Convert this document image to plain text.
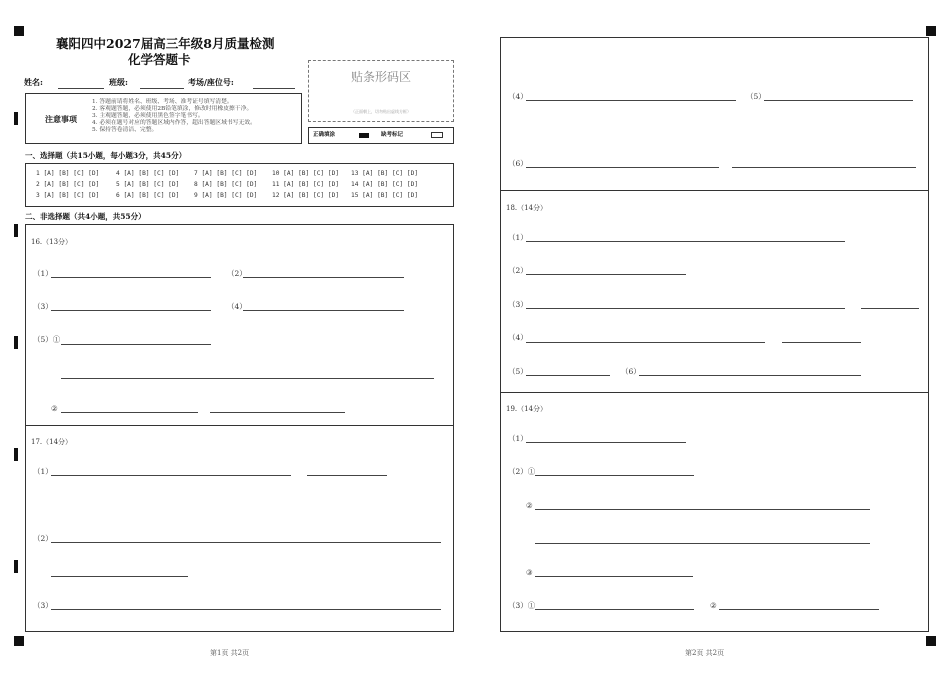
襄阳四中2027届高三年级8月质量检测
化学答题卡
姓名:	班级:	考场/座位号:	贴条形码区
（正面朝上，切勿贴出虚线方框）
正确填涂	缺考标记
注意事项
1. 答题前请将姓名、班级、考场、准考证号填写清楚。
2. 客观题答题，必须使用2B铅笔填涂，修改时用橡皮擦干净。
3. 主观题答题，必须使用黑色签字笔书写。
4. 必须在题号对应的答题区域内作答，超出答题区域书写无效。
5. 保持答卷清洁、完整。
一、选择题（共15小题，每小题3分，共45分）
1 [A] [B] [C] [D]	4 [A] [B] [C] [D] 7 [A] [B] [C] [D] 10 [A] [B] [C] [D] 13 [A] [B] [C] [D]
2 [A] [B] [C] [D]	5 [A] [B] [C] [D] 8 [A] [B] [C] [D] 11 [A] [B] [C] [D] 14 [A] [B] [C] [D]
3 [A] [B] [C] [D]	6 [A] [B] [C] [D] 9 [A] [B] [C] [D] 12 [A] [B] [C] [D] 15 [A] [B] [C] [D]
二、非选择题（共4小题，共55分）
16.（13分）
（1）	（2）
（3）	（4）
（5）①
②
17.（14分）
（1）
（2）
（3）
第1页 共2页
（4）	（5）
（6）
18.（14分）
（1）
（2）
（3）
（4）
（5）	（6）
19.（14分）
（1）
（2）①
②
③
（3）①	②
第2页 共2页
